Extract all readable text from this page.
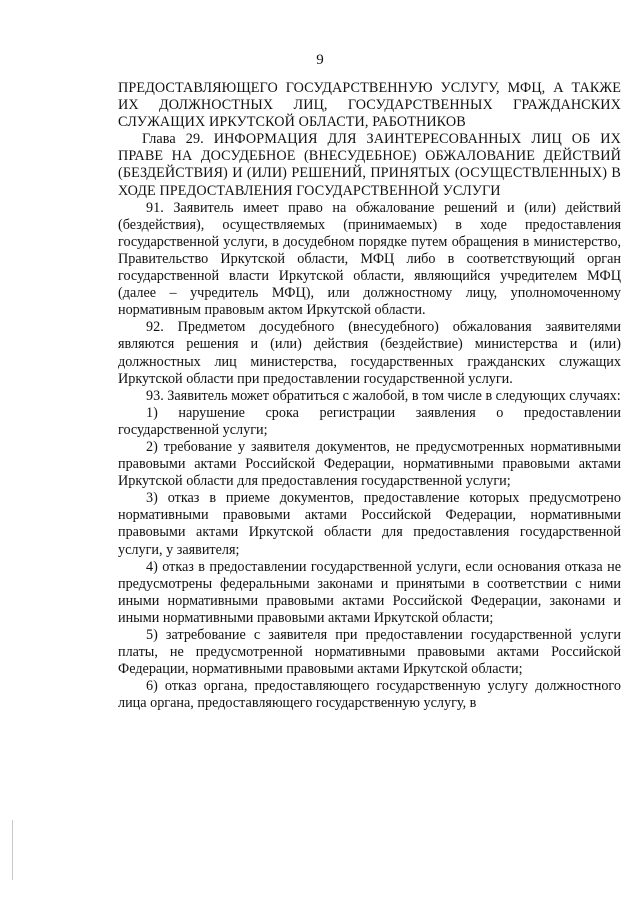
9

ПРЕДОСТАВЛЯЮЩЕГО ГОСУДАРСТВЕННУЮ УСЛУГУ, МФЦ, А ТАКЖЕ ИХ ДОЛЖНОСТНЫХ ЛИЦ, ГОСУДАРСТВЕННЫХ ГРАЖДАНСКИХ СЛУЖАЩИХ ИРКУТСКОЙ ОБЛАСТИ, РАБОТНИКОВ

Глава 29. ИНФОРМАЦИЯ ДЛЯ ЗАИНТЕРЕСОВАННЫХ ЛИЦ ОБ ИХ ПРАВЕ НА ДОСУДЕБНОЕ (ВНЕСУДЕБНОЕ) ОБЖАЛОВАНИЕ ДЕЙСТВИЙ (БЕЗДЕЙСТВИЯ) И (ИЛИ) РЕШЕНИЙ, ПРИНЯТЫХ (ОСУЩЕСТВЛЕННЫХ) В ХОДЕ ПРЕДОСТАВЛЕНИЯ ГОСУДАРСТВЕННОЙ УСЛУГИ

91. Заявитель имеет право на обжалование решений и (или) действий (бездействия), осуществляемых (принимаемых) в ходе предоставления государственной услуги, в досудебном порядке путем обращения в министерство, Правительство Иркутской области, МФЦ либо в соответствующий орган государственной власти Иркутской области, являющийся учредителем МФЦ (далее – учредитель МФЦ), или должностному лицу, уполномоченному нормативным правовым актом Иркутской области.

92. Предметом досудебного (внесудебного) обжалования заявителями являются решения и (или) действия (бездействие) министерства и (или) должностных лиц министерства, государственных гражданских служащих Иркутской области при предоставлении государственной услуги.

93. Заявитель может обратиться с жалобой, в том числе в следующих случаях:

1) нарушение срока регистрации заявления о предоставлении государственной услуги;

2) требование у заявителя документов, не предусмотренных нормативными правовыми актами Российской Федерации, нормативными правовыми актами Иркутской области для предоставления государственной услуги;

3) отказ в приеме документов, предоставление которых предусмотрено нормативными правовыми актами Российской Федерации, нормативными правовыми актами Иркутской области для предоставления государственной услуги, у заявителя;

4) отказ в предоставлении государственной услуги, если основания отказа не предусмотрены федеральными законами и принятыми в соответствии с ними иными нормативными правовыми актами Российской Федерации, законами и иными нормативными правовыми актами Иркутской области;

5) затребование с заявителя при предоставлении государственной услуги платы, не предусмотренной нормативными правовыми актами Российской Федерации, нормативными правовыми актами Иркутской области;

6) отказ органа, предоставляющего государственную услугу должностного лица органа, предоставляющего государственную услугу, в
